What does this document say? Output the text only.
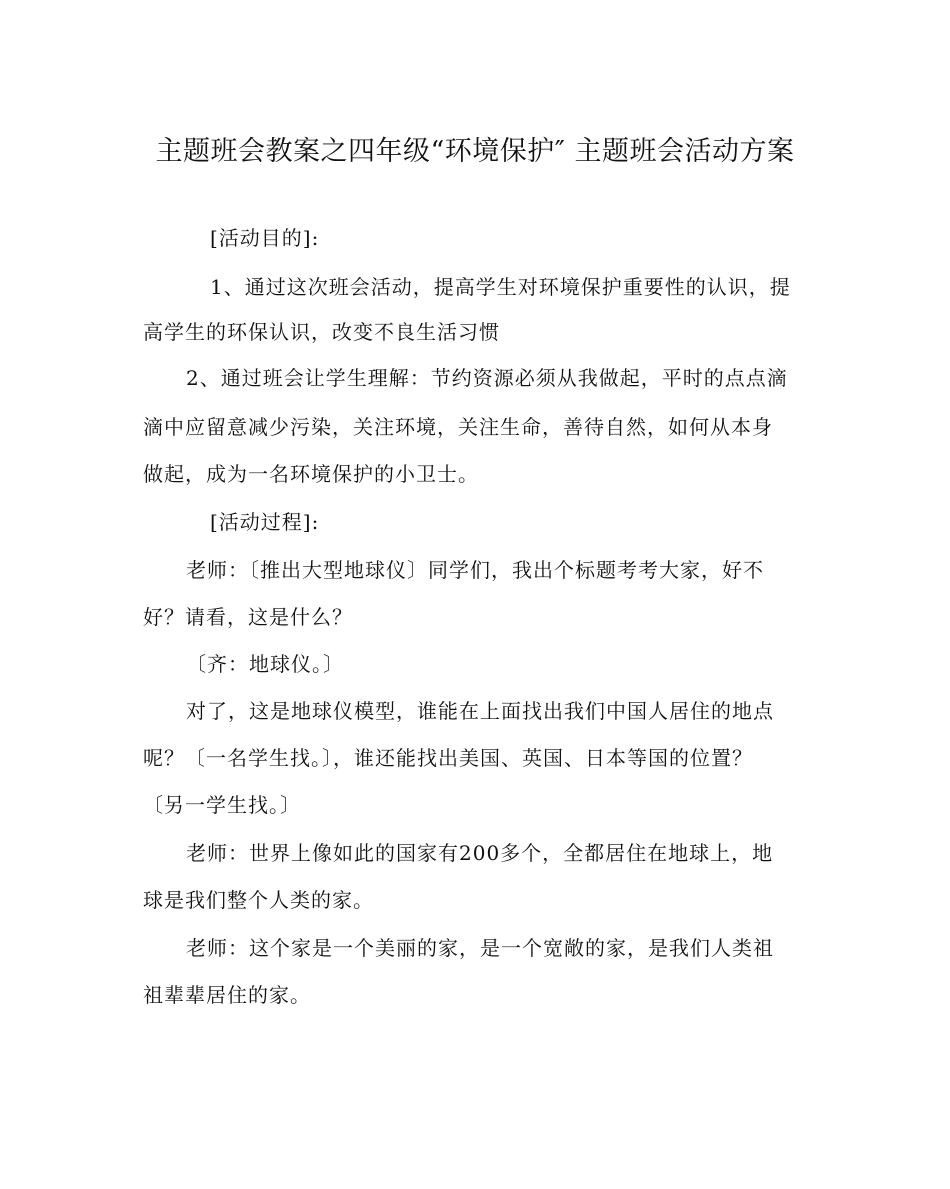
主题班会教案之四年级“环境保护″ 主题班会活动方案
[活动目的]:
1、通过这次班会活动，提高学生对环境保护重要性的认识，提
高学生的环保认识，改变不良生活习惯
2、通过班会让学生理解：节约资源必须从我做起，平时的点点滴
滴中应留意减少污染，关注环境，关注生命，善待自然，如何从本身
做起，成为一名环境保护的小卫士。
[活动过程]:
老师：〔推出大型地球仪〕同学们，我出个标题考考大家，好不
好？请看，这是什么？
〔齐：地球仪。〕
对了，这是地球仪模型，谁能在上面找出我们中国人居住的地点
呢？〔一名学生找。〕，谁还能找出美国、英国、日本等国的位置？
〔另一学生找。〕
老师：世界上像如此的国家有200多个，全都居住在地球上，地
球是我们整个人类的家。
老师：这个家是一个美丽的家，是一个宽敞的家，是我们人类祖
祖辈辈居住的家。
